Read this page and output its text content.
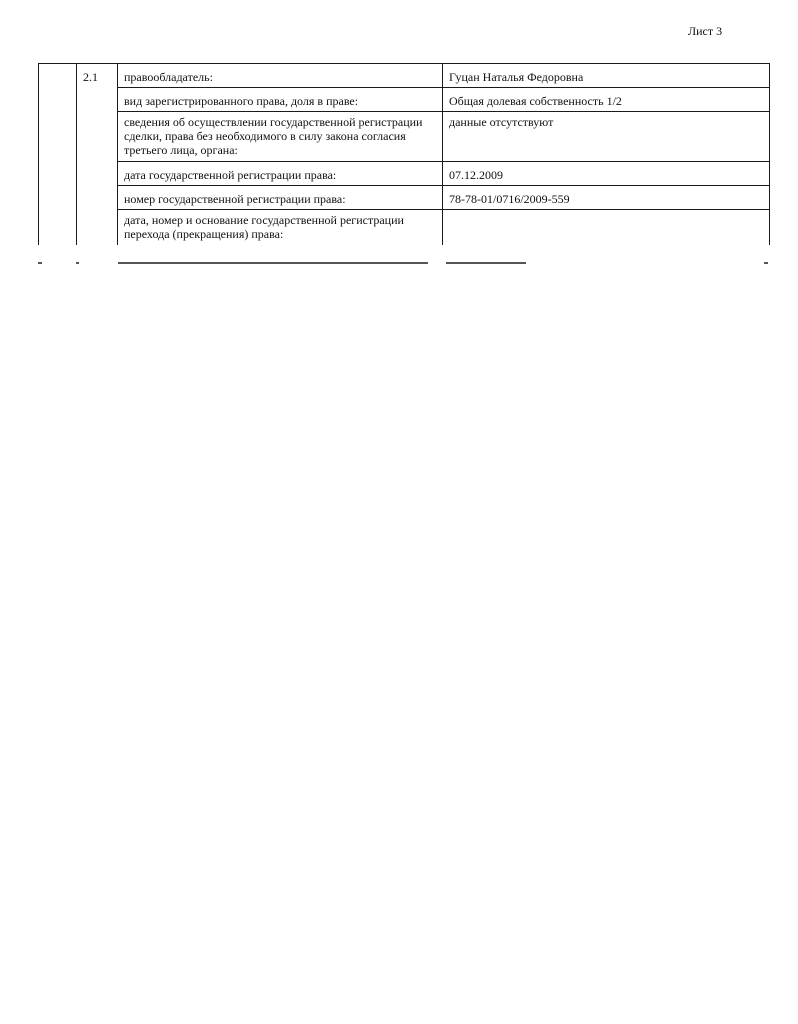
Лист 3
	2.1	правообладатель:	Гуцан Наталья Федоровна
		вид зарегистрированного права, доля в праве:	Общая долевая собственность 1/2
		сведения об осуществлении государственной регистрации сделки, права без необходимого в силу закона согласия третьего лица, органа:	данные отсутствуют
		дата государственной регистрации права:	07.12.2009
		номер государственной регистрации права:	78-78-01/0716/2009-559
		дата, номер и основание государственной регистрации перехода (прекращения) права:	
